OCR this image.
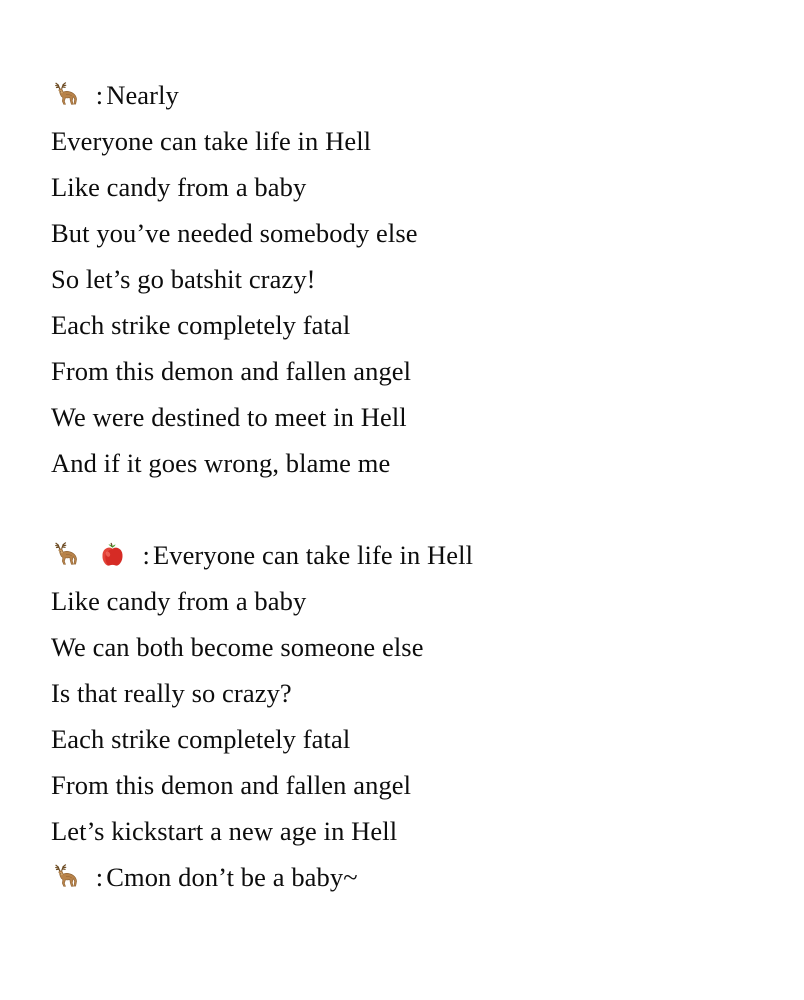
: Nearly
Everyone can take life in Hell
Like candy from a baby
But you’ve needed somebody else
So let’s go batshit crazy!
Each strike completely fatal
From this demon and fallen angel
We were destined to meet in Hell
And if it goes wrong, blame me

: Everyone can take life in Hell
Like candy from a baby
We can both become someone else
Is that really so crazy?
Each strike completely fatal
From this demon and fallen angel
Let’s kickstart a new age in Hell
: Cmon don’t be a baby~
